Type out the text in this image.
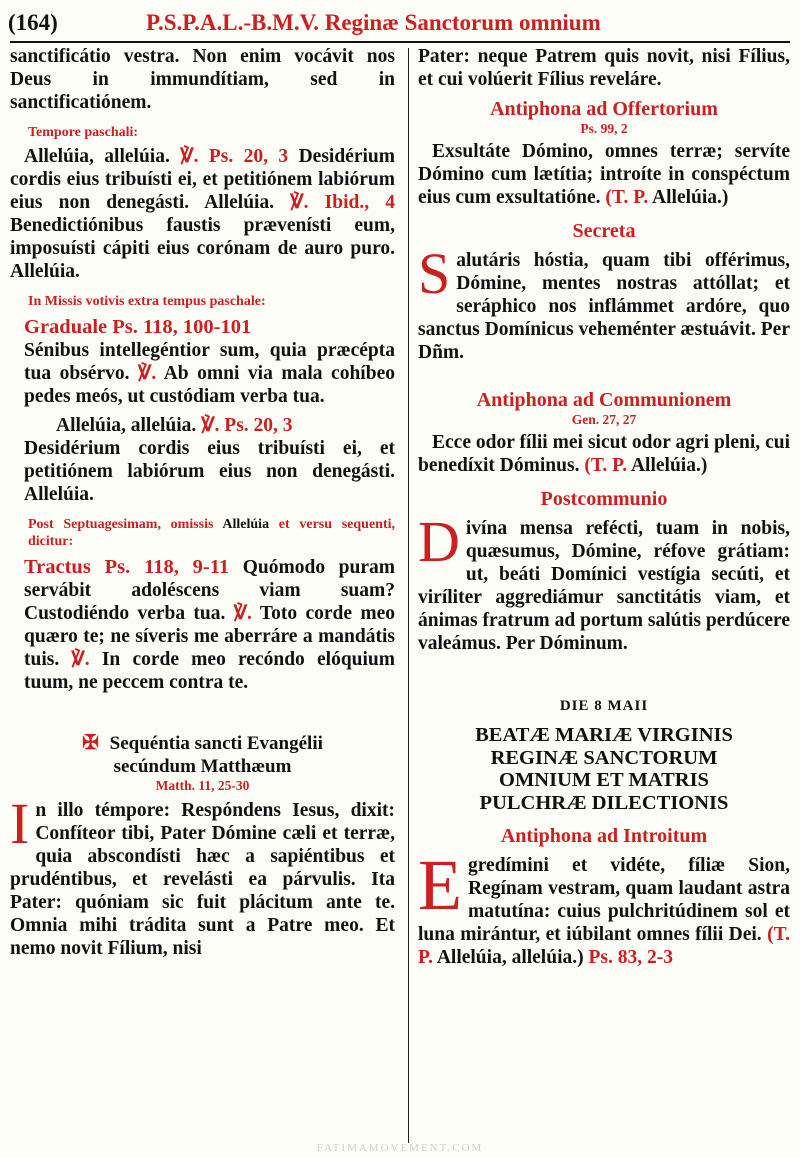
(164)	P.S.P.A.L.-B.M.V. Reginæ Sanctorum omnium

sanctificátio vestra. Non enim vocávit nos Deus in immundítiam, sed in sanctificatiónem.

Tempore paschali:

Allelúia, allelúia. ℣. Ps. 20, 3 Desidérium cordis eius tribuísti ei, et petitiónem labiórum eius non denegásti. Allelúia. ℣. Ibid., 4 Benedictiónibus faustis prævenísti eum, imposuísti cápiti eius corónam de auro puro. Allelúia.

In Missis votivis extra tempus paschale:

Graduale Ps. 118, 100-101

Sénibus intellegéntior sum, quia præcépta tua obsérvo. ℣. Ab omni via mala cohíbeo pedes meós, ut custódiam verba tua.

Allelúia, allelúia. ℣. Ps. 20, 3

Desidérium cordis eius tribuísti ei, et petitiónem labiórum eius non denegásti. Allelúia.

Post Septuagesimam, omissis Allelúia et versu sequenti, dicitur:

Tractus Ps. 118, 9-11 Quómodo puram servábit adoléscens viam suam? Custodiéndo verba tua. ℣. Toto corde meo quæro te; ne síveris me aberráre a mandátis tuis. ℣. In corde meo recóndo elóquium tuum, ne peccem contra te.

✠ Sequéntia sancti Evangélii

secúndum Matthæum

Matth. 11, 25-30

I n illo témpore: Respóndens Iesus, dixit: Confíteor tibi, Pater Dómine cæli et terræ, quia abscondísti hæc a sapiéntibus et prudéntibus, et revelásti ea párvulis. Ita Pater: quóniam sic fuit plácitum ante te. Omnia mihi trádita sunt a Patre meo. Et nemo novit Fílium, nisi

Pater: neque Patrem quis novit, nisi Fílius, et cui volúerit Fílius reveláre.

Antiphona ad Offertorium

Ps. 99, 2

Exsultáte Dómino, omnes terræ; servíte Dómino cum lætítia; introíte in conspéctum eius cum exsultatióne. (T. P. Allelúia.)

Secreta

S alutáris hóstia, quam tibi offérimus, Dómine, mentes nostras attóllat; et seráphico nos inflámmet ardóre, quo sanctus Domínicus veheménter æstuávit. Per Dñm.

Antiphona ad Communionem

Gen. 27, 27

Ecce odor fílii mei sicut odor agri pleni, cui benedíxit Dóminus. (T. P. Allelúia.)

Postcommunio

D ivína mensa refécti, tuam in nobis, quæsumus, Dómine, réfove grátiam: ut, beáti Domínici vestígia secúti, et viríliter aggrediámur sanctitátis viam, et ánimas fratrum ad portum salútis perdúcere valeámus. Per Dóminum.

DIE 8 MAII

BEATÆ MARIÆ VIRGINIS

REGINÆ SANCTORUM

OMNIUM ET MATRIS

PULCHRÆ DILECTIONIS

Antiphona ad Introitum

E gredímini et vidéte, fíliæ Sion, Regínam vestram, quam laudant astra matutína: cuius pulchritúdinem sol et luna mirántur, et iúbilant omnes fílii Dei. (T. P. Allelúia, allelúia.) Ps. 83, 2-3

FATIMAMOVEMENT.COM
